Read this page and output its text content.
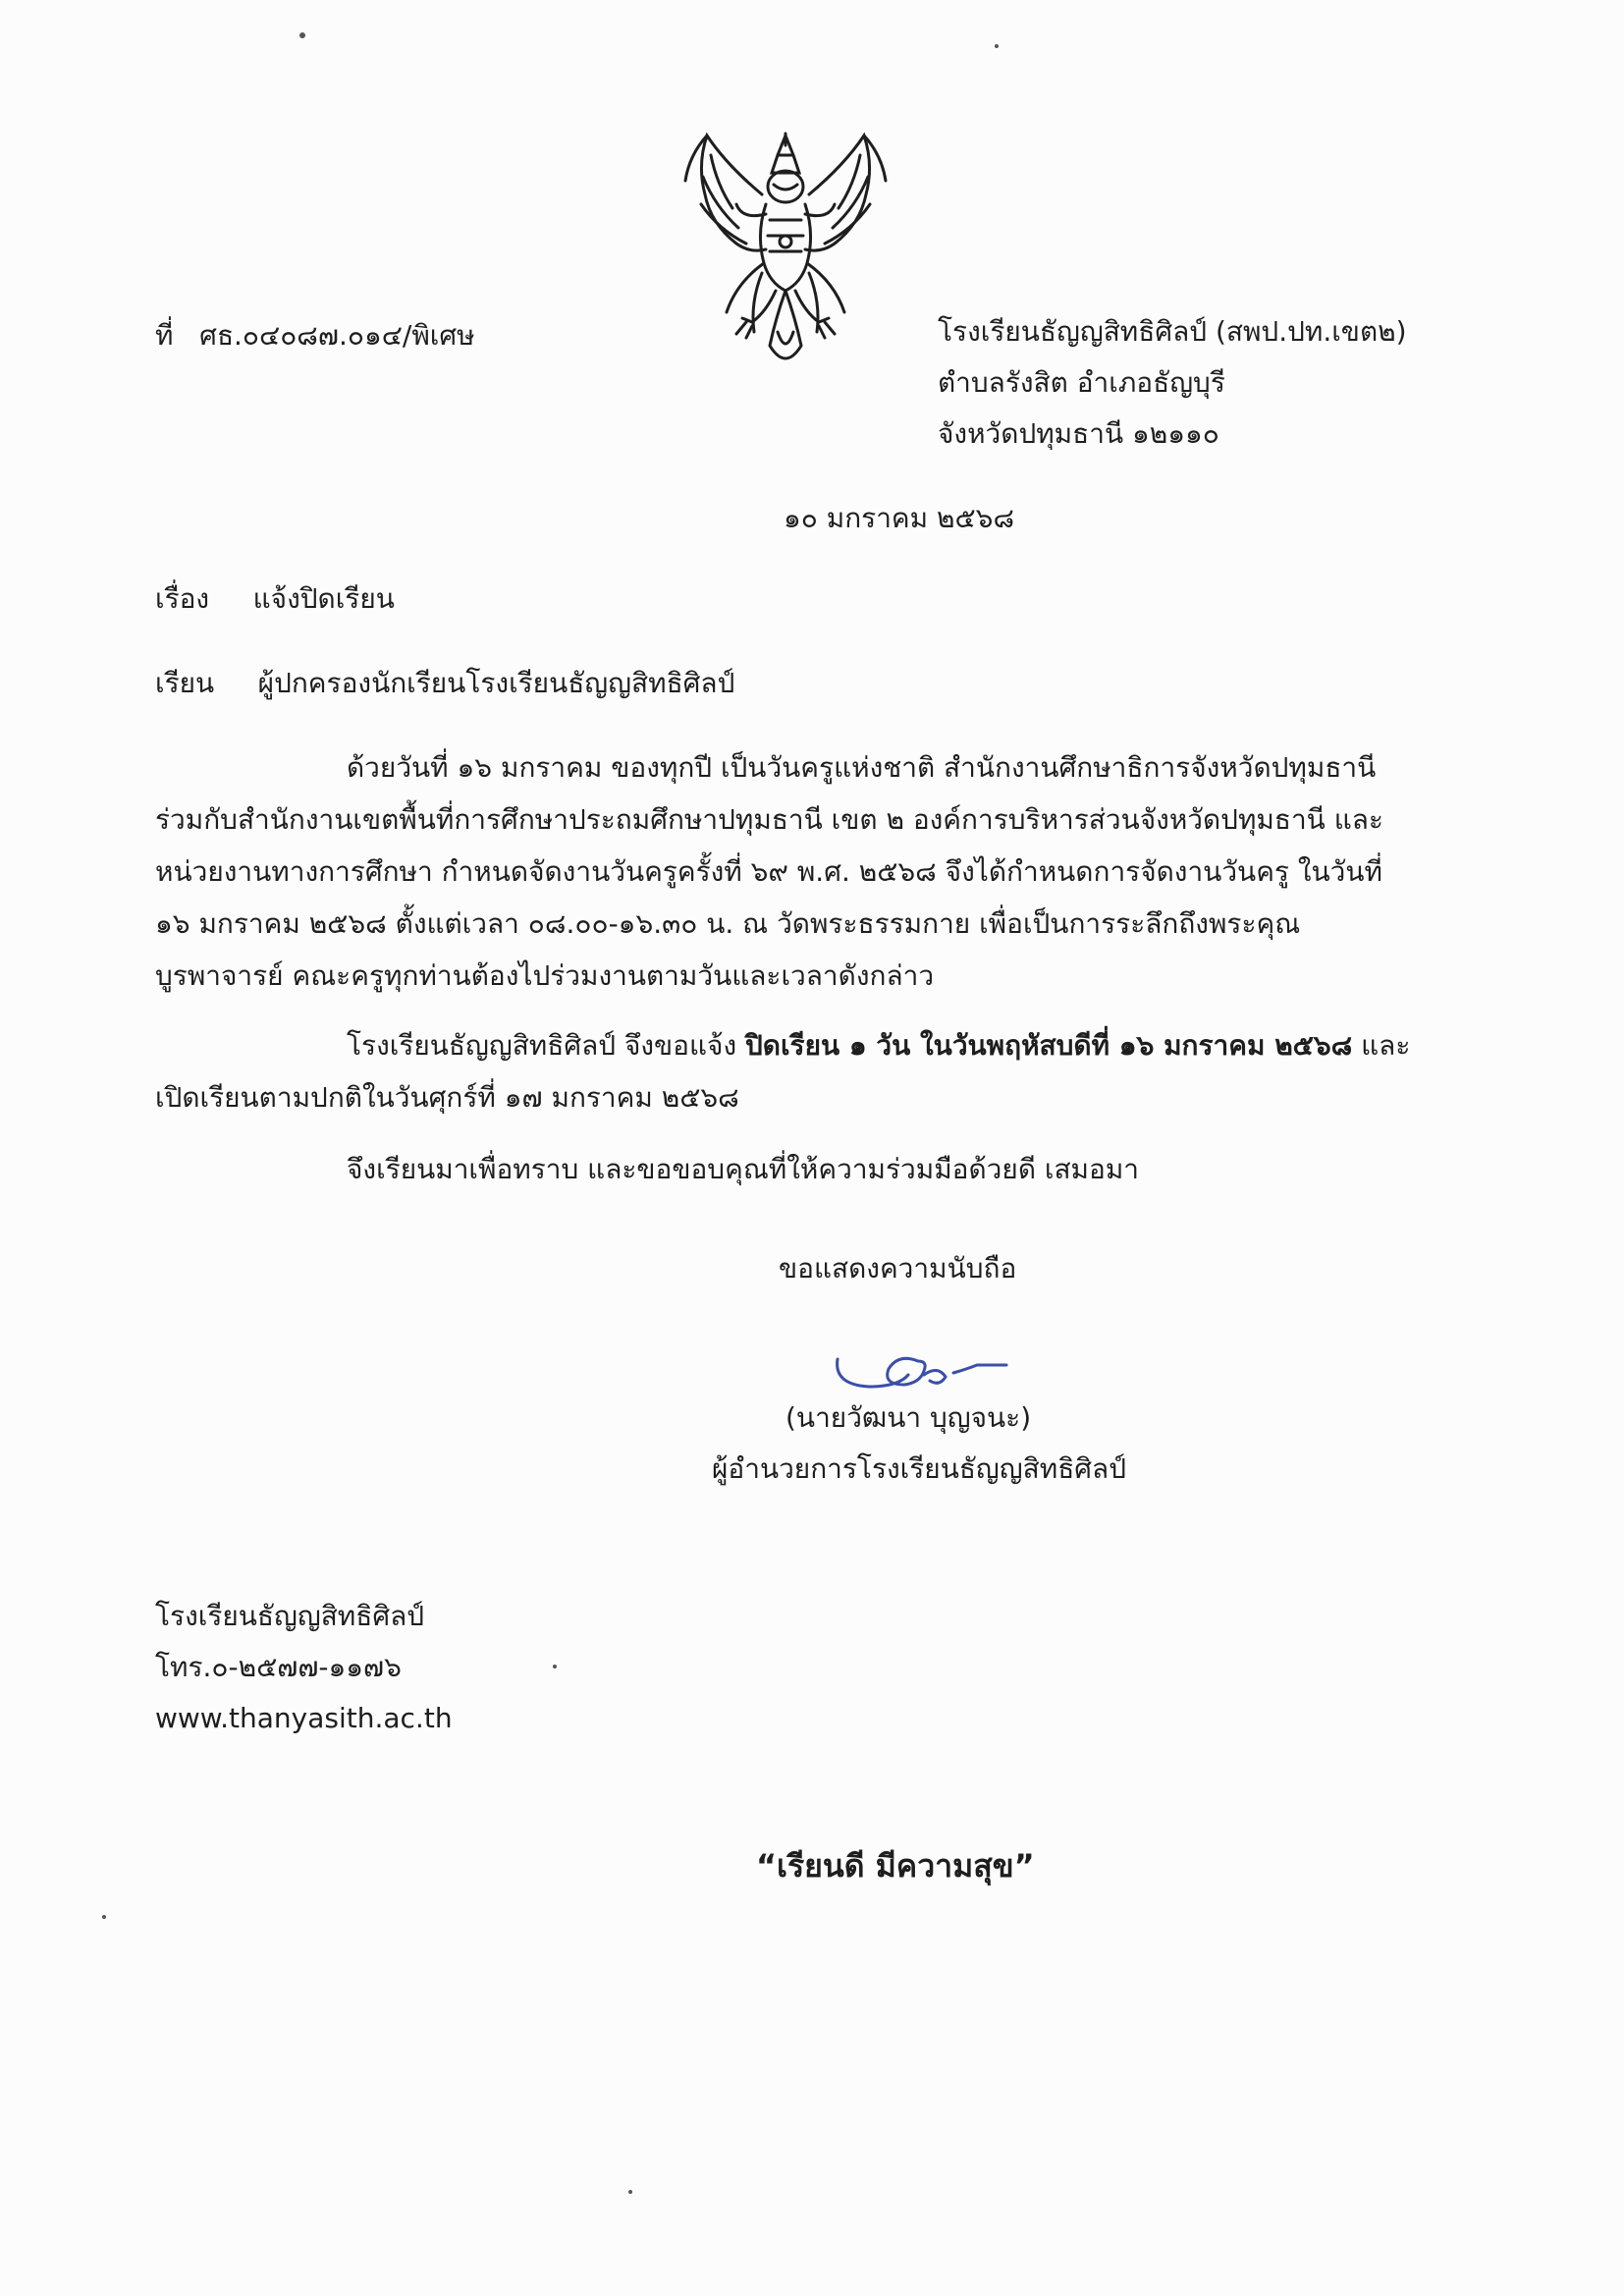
ที่ ศธ.๐๔๐๘๗.๐๑๔/พิเศษ	โรงเรียนธัญญสิทธิศิลป์ (สพป.ปท.เขต๒)
ตำบลรังสิต อำเภอธัญบุรี
จังหวัดปทุมธานี ๑๒๑๑๐
๑๐ มกราคม ๒๕๖๘
เรื่อง แจ้งปิดเรียน
เรียน ผู้ปกครองนักเรียนโรงเรียนธัญญสิทธิศิลป์
ด้วยวันที่ ๑๖ มกราคม ของทุกปี เป็นวันครูแห่งชาติ สำนักงานศึกษาธิการจังหวัดปทุมธานี
ร่วมกับสำนักงานเขตพื้นที่การศึกษาประถมศึกษาปทุมธานี เขต ๒ องค์การบริหารส่วนจังหวัดปทุมธานี และ
หน่วยงานทางการศึกษา กำหนดจัดงานวันครูครั้งที่ ๖๙ พ.ศ. ๒๕๖๘ จึงได้กำหนดการจัดงานวันครู ในวันที่
๑๖ มกราคม ๒๕๖๘ ตั้งแต่เวลา ๐๘.๐๐-๑๖.๓๐ น. ณ วัดพระธรรมกาย เพื่อเป็นการระลึกถึงพระคุณ
บูรพาจารย์ คณะครูทุกท่านต้องไปร่วมงานตามวันและเวลาดังกล่าว
โรงเรียนธัญญสิทธิศิลป์ จึงขอแจ้ง ปิดเรียน ๑ วัน ในวันพฤหัสบดีที่ ๑๖ มกราคม ๒๕๖๘ และ
เปิดเรียนตามปกติในวันศุกร์ที่ ๑๗ มกราคม ๒๕๖๘
จึงเรียนมาเพื่อทราบ และขอขอบคุณที่ให้ความร่วมมือด้วยดี เสมอมา
ขอแสดงความนับถือ
(นายวัฒนา บุญจนะ)
ผู้อำนวยการโรงเรียนธัญญสิทธิศิลป์
โรงเรียนธัญญสิทธิศิลป์
โทร.๐-๒๕๗๗-๑๑๗๖
www.thanyasith.ac.th
“เรียนดี มีความสุข”
